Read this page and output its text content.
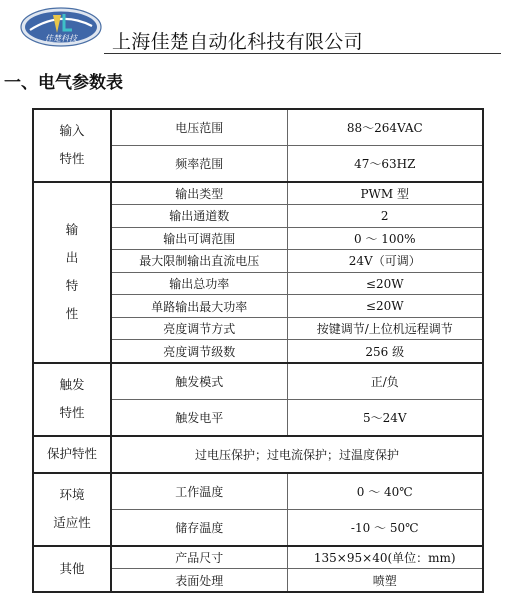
佳楚科技 上海佳楚自动化科技有限公司
一、电气参数表
输入
特性	电压范围	88～264VAC
	频率范围	47～63HZ

输
出
特
性	输出类型	PWM 型
	输出通道数	2
	输出可调范围	0 ～ 100%
	最大限制输出直流电压	24V（可调）
	输出总功率	≤20W
	单路输出最大功率	≤20W
	亮度调节方式	按键调节/上位机远程调节
	亮度调节级数	256 级

触发
特性	触发模式	正/负
	触发电平	5～24V
保护特性	过电压保护；过电流保护；过温度保护	

环境
适应性	工作温度	0 ～ 40℃
	储存温度	-10 ～ 50℃
其他	产品尺寸	135×95×40(单位：mm)
	表面处理	喷塑
